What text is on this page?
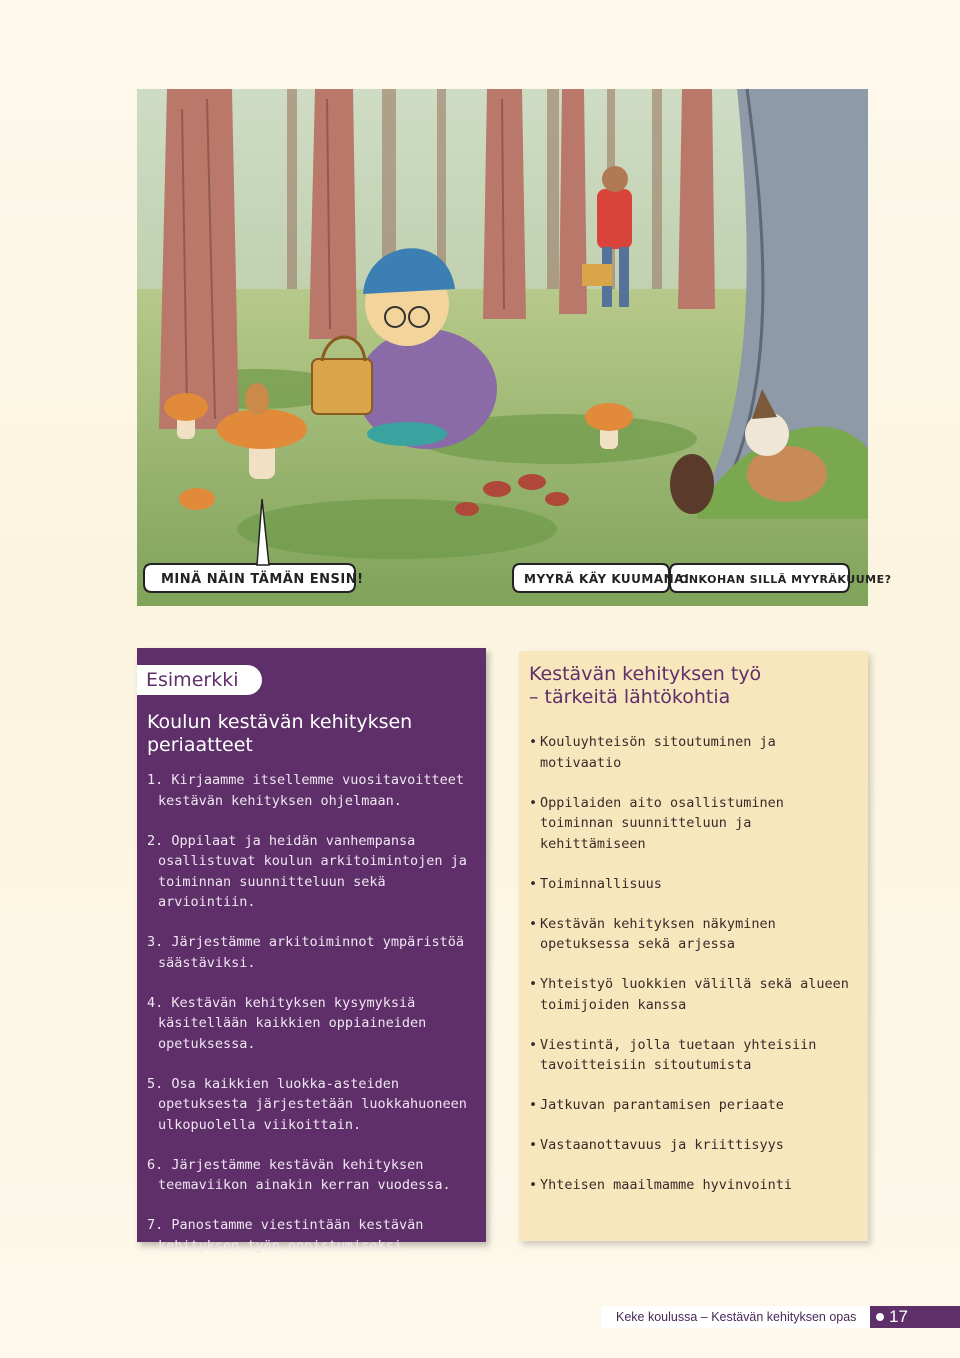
MINÄ NÄIN TÄMÄN ENSIN!	MYYRÄ KÄY KUUMANA!
ONKOHAN SILLÄ MYYRÄKUUME?
Esimerkki
Koulun kestävän kehityksen
periaatteet
1. Kirjaamme itsellemme vuositavoitteet kestävän kehityksen ohjelmaan.
2. Oppilaat ja heidän vanhempansa osallistuvat koulun arkitoimintojen ja toiminnan suunnitteluun sekä arviointiin.
3. Järjestämme arkitoiminnot ympäristöä säästäviksi.
4. Kestävän kehityksen kysymyksiä käsitellään kaikkien oppiaineiden opetuksessa.
5. Osa kaikkien luokka-asteiden opetuksesta järjestetään luokkahuoneen ulkopuolella viikoittain.
6. Järjestämme kestävän kehityksen teemaviikon ainakin kerran vuodessa.
7. Panostamme viestintään kestävän kehityksen työn onnistumiseksi.
Kestävän kehityksen työ
– tärkeitä lähtökohtia
• Kouluyhteisön sitoutuminen ja motivaatio
• Oppilaiden aito osallistuminen toiminnan suunnitteluun ja kehittämiseen
• Toiminnallisuus
• Kestävän kehityksen näkyminen opetuksessa sekä arjessa
• Yhteistyö luokkien välillä sekä alueen toimijoiden kanssa
• Viestintä, jolla tuetaan yhteisiin tavoitteisiin sitoutumista
• Jatkuvan parantamisen periaate
• Vastaanottavuus ja kriittisyys
• Yhteisen maailmamme hyvinvointi
Keke koulussa – Kestävän kehityksen opas 17
